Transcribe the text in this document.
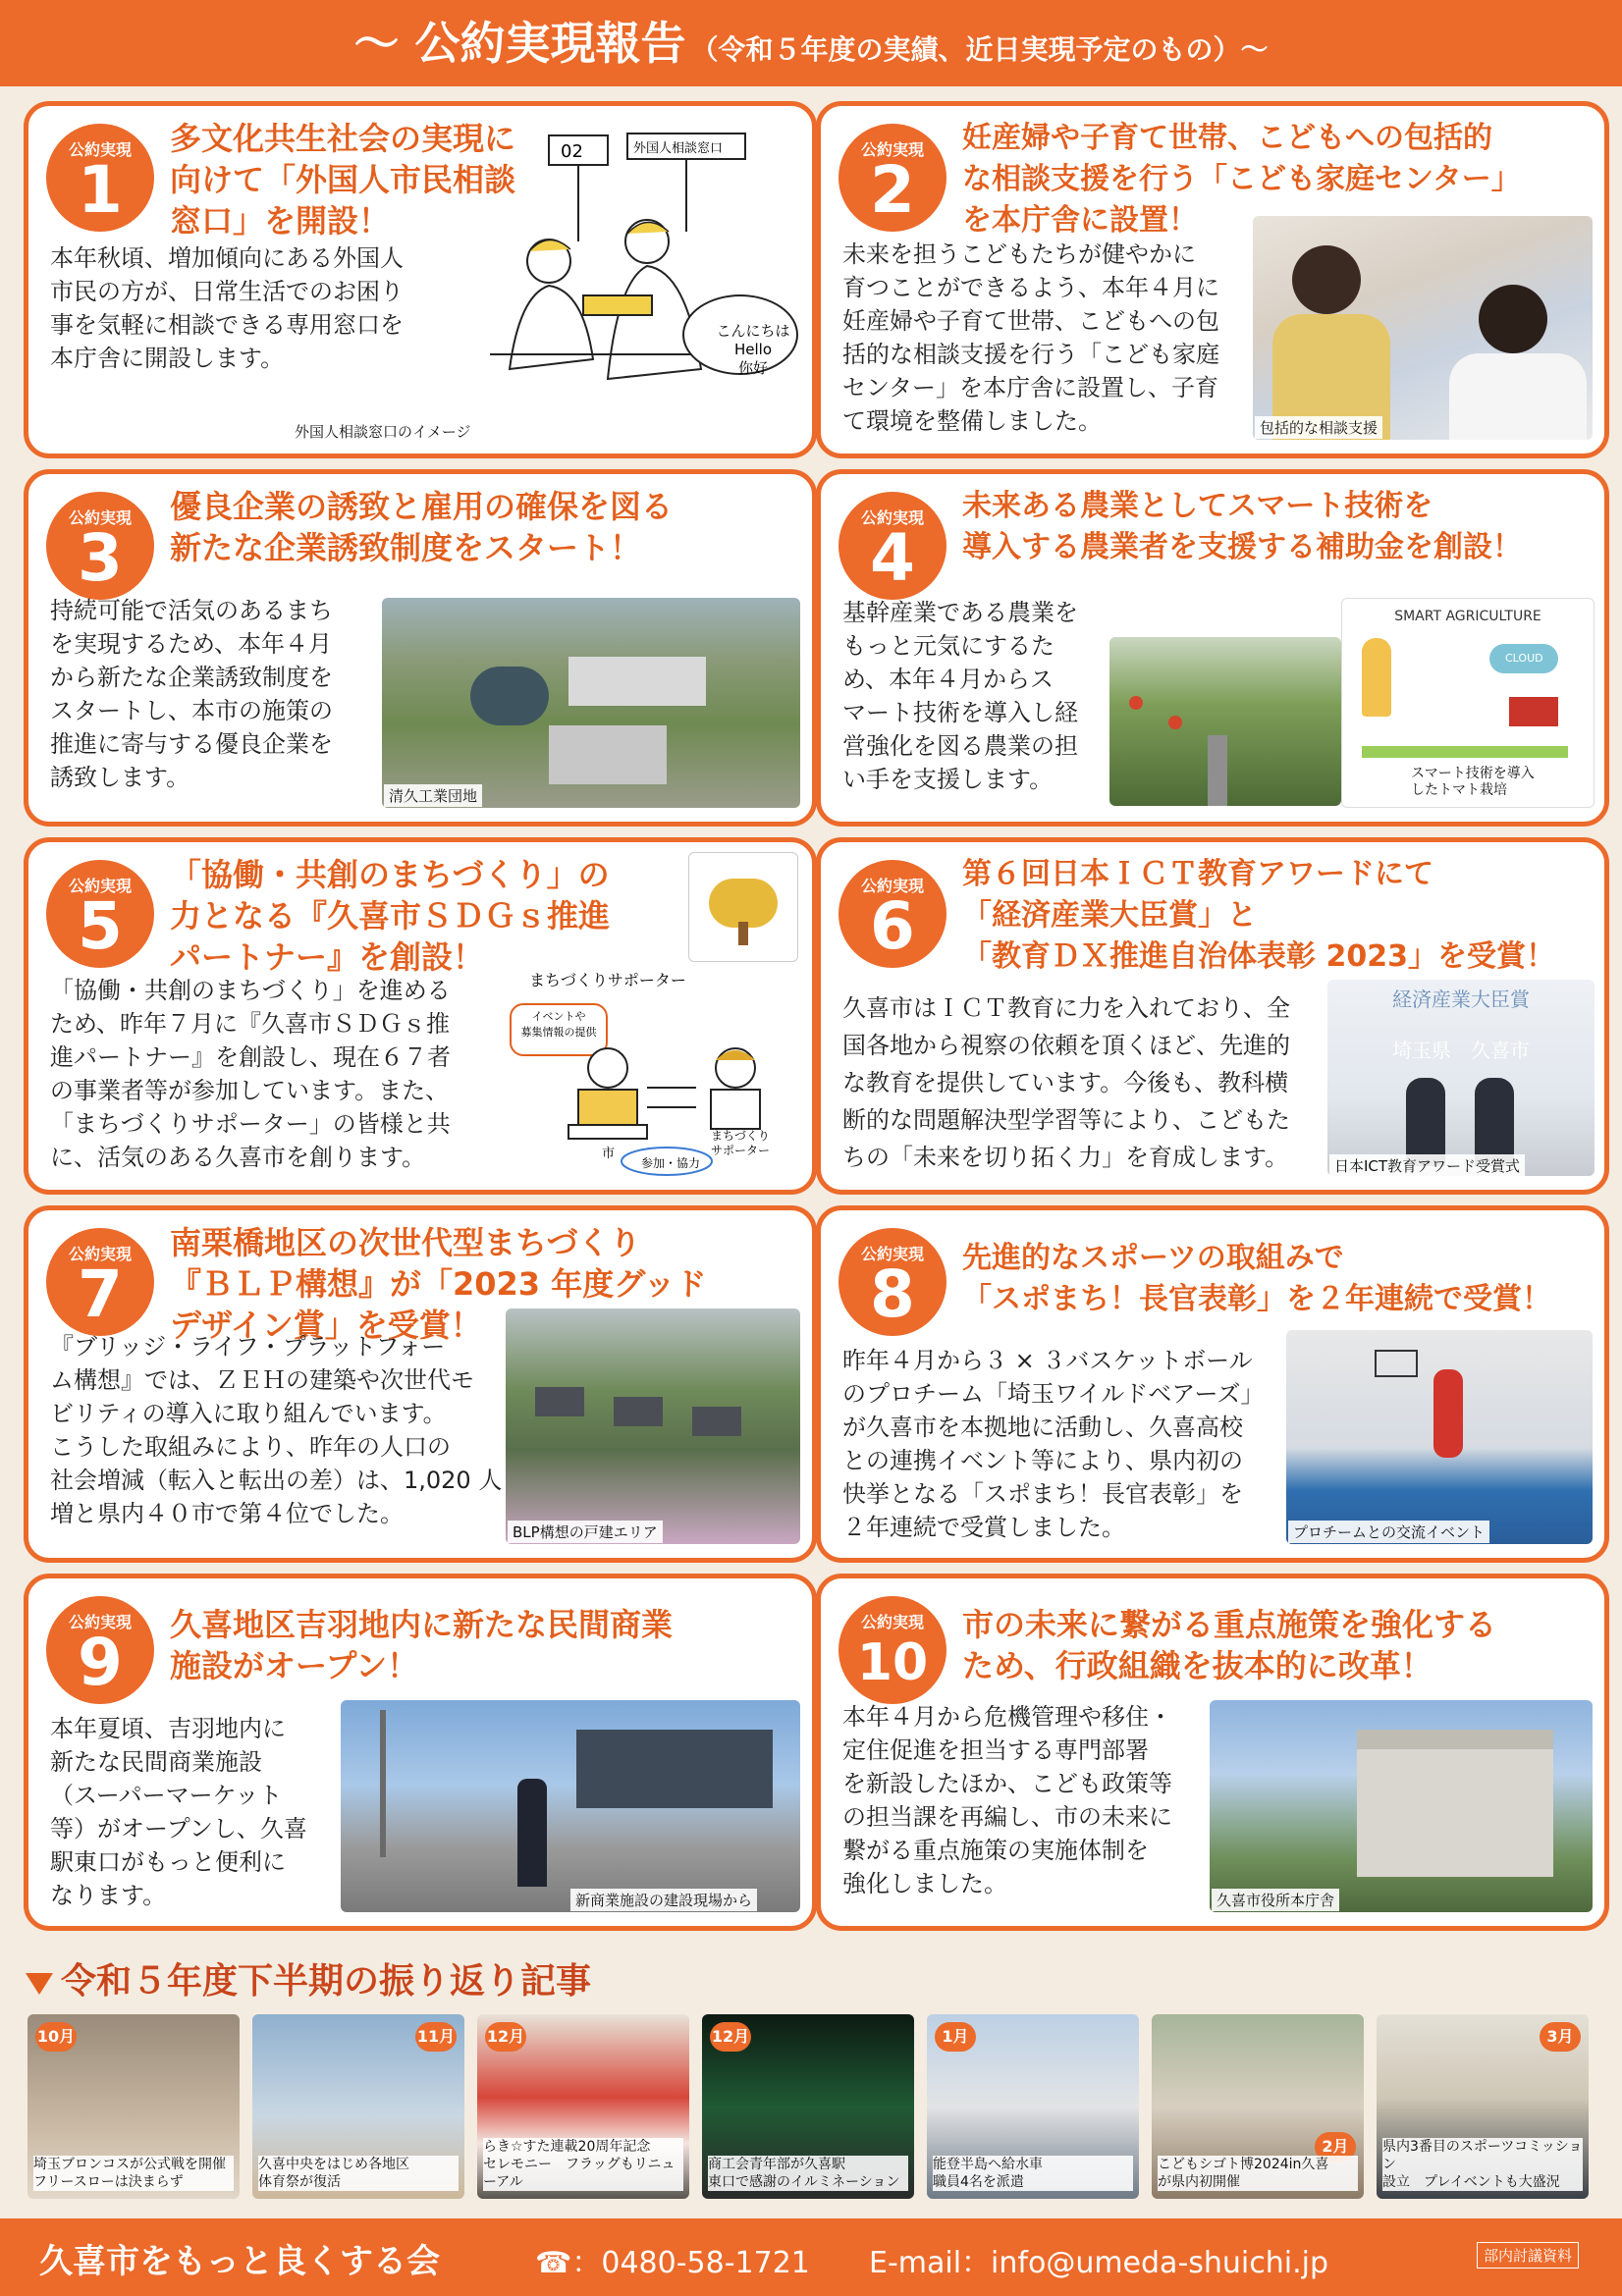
〜 公約実現報告 （令和５年度の実績、近日実現予定のもの）〜
公約実現
1
多文化共生社会の実現に
向けて「外国人市民相談
窓口」を開設！
本年秋頃、増加傾向にある外国人
市民の方が、日常生活でのお困り
事を気軽に相談できる専用窓口を
本庁舎に開設します。
02	外国人相談窓口
こんにちは
Hello
你好
外国人相談窓口のイメージ
公約実現
2
妊産婦や子育て世帯、こどもへの包括的
な相談支援を行う「こども家庭センター」
を本庁舎に設置！
未来を担うこどもたちが健やかに
育つことができるよう、本年４月に
妊産婦や子育て世帯、こどもへの包
括的な相談支援を行う「こども家庭
センター」を本庁舎に設置し、子育
て環境を整備しました。	包括的な相談支援
公約実現
3
優良企業の誘致と雇用の確保を図る
新たな企業誘致制度をスタート！
持続可能で活気のあるまち
を実現するため、本年４月
から新たな企業誘致制度を
スタートし、本市の施策の
推進に寄与する優良企業を
誘致します。
清久工業団地
公約実現
4
未来ある農業としてスマート技術を
導入する農業者を支援する補助金を創設！
基幹産業である農業を
もっと元気にするた
め、本年４月からス
マート技術を導入し経
営強化を図る農業の担
い手を支援します。
SMART AGRICULTURE
CLOUD
スマート技術を導入
したトマト栽培
公約実現
5
「協働・共創のまちづくり」の
力となる『久喜市ＳＤＧｓ推進
パートナー』を創設！
「協働・共創のまちづくり」を進める
ため、昨年７月に『久喜市ＳＤＧｓ推
進パートナー』を創設し、現在６７者
の事業者等が参加しています。また、
「まちづくりサポーター」の皆様と共
に、活気のある久喜市を創ります。
まちづくりサポーター
イベントや
募集情報の提供
市
まちづくり
サポーター
参加・協力
公約実現
6
第６回日本ＩＣＴ教育アワードにて
「経済産業大臣賞」と
「教育ＤＸ推進自治体表彰 2023」を受賞！
久喜市はＩＣＴ教育に力を入れており、全
国各地から視察の依頼を頂くほど、先進的
な教育を提供しています。今後も、教科横
断的な問題解決型学習等により、こどもた
ちの「未来を切り拓く力」を育成します。
経済産業大臣賞
埼玉県　久喜市
日本ICT教育アワード受賞式
公約実現
7
南栗橋地区の次世代型まちづくり
『ＢＬＰ構想』が「2023 年度グッド
デザイン賞」を受賞！
『ブリッジ・ライフ・プラットフォー
ム構想』では、ＺＥＨの建築や次世代モ
ビリティの導入に取り組んでいます。
こうした取組みにより、昨年の人口の
社会増減（転入と転出の差）は、1,020 人
増と県内４０市で第４位でした。
BLP構想の戸建エリア
公約実現
8	先進的なスポーツの取組みで
「スポまち！長官表彰」を２年連続で受賞！
昨年４月から３ × ３バスケットボール
のプロチーム「埼玉ワイルドベアーズ」
が久喜市を本拠地に活動し、久喜高校
との連携イベント等により、県内初の
快挙となる「スポまち！長官表彰」を
２年連続で受賞しました。	プロチームとの交流イベント
公約実現
9	久喜地区吉羽地内に新たな民間商業
施設がオープン！
本年夏頃、吉羽地内に
新たな民間商業施設
（スーパーマーケット
等）がオープンし、久喜
駅東口がもっと便利に
なります。	新商業施設の建設現場から
公約実現
10
市の未来に繋がる重点施策を強化する
ため、行政組織を抜本的に改革！
本年４月から危機管理や移住・
定住促進を担当する専門部署
を新設したほか、こども政策等
の担当課を再編し、市の未来に
繋がる重点施策の実施体制を
強化しました。
久喜市役所本庁舎
令和５年度下半期の振り返り記事
10月
埼玉ブロンコスが公式戦を開催
フリースローは決まらず
11月
久喜中央をはじめ各地区
体育祭が復活
12月
らき☆すた連載20周年記念
セレモニー　フラッグもリニューアル
12月
商工会青年部が久喜駅
東口で感謝のイルミネーション
1月
能登半島へ給水車
職員4名を派遣
2月
こどもシゴト博2024in久喜
が県内初開催
3月
県内3番目のスポーツコミッション
設立　プレイベントも大盛況
久喜市をもっと良くする会	☎：0480-58-1721 E-mail：info@umeda-shuichi.jp	部内討議資料
